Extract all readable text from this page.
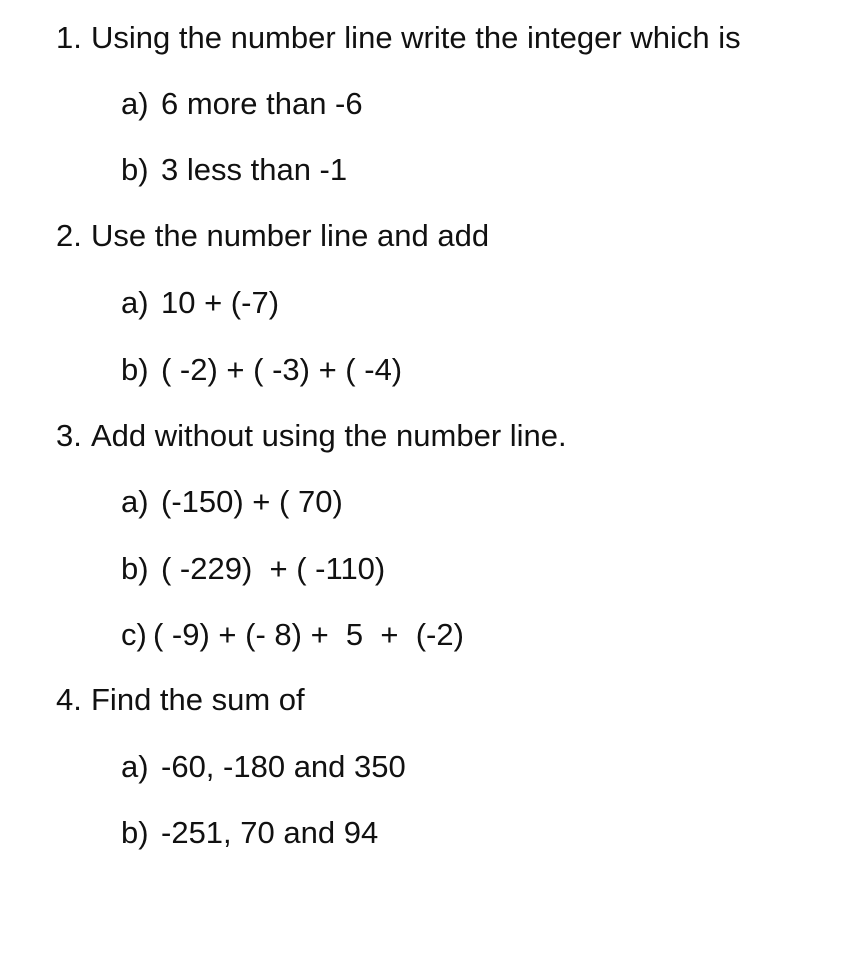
1.

Using the number line write the integer which is

a)

6 more than -6

b)

3 less than -1

2.

Use the number line and add

a)

10 + (-7)

b)

( -2) + ( -3) + ( -4)

3.

Add without using the number line.

a)

(-150) + ( 70)

b)

( -229)  + ( -110)

c)

( -9) + (- 8) +  5  +  (-2)

4.

Find the sum of

a)

-60, -180 and 350

b)

-251, 70 and 94
